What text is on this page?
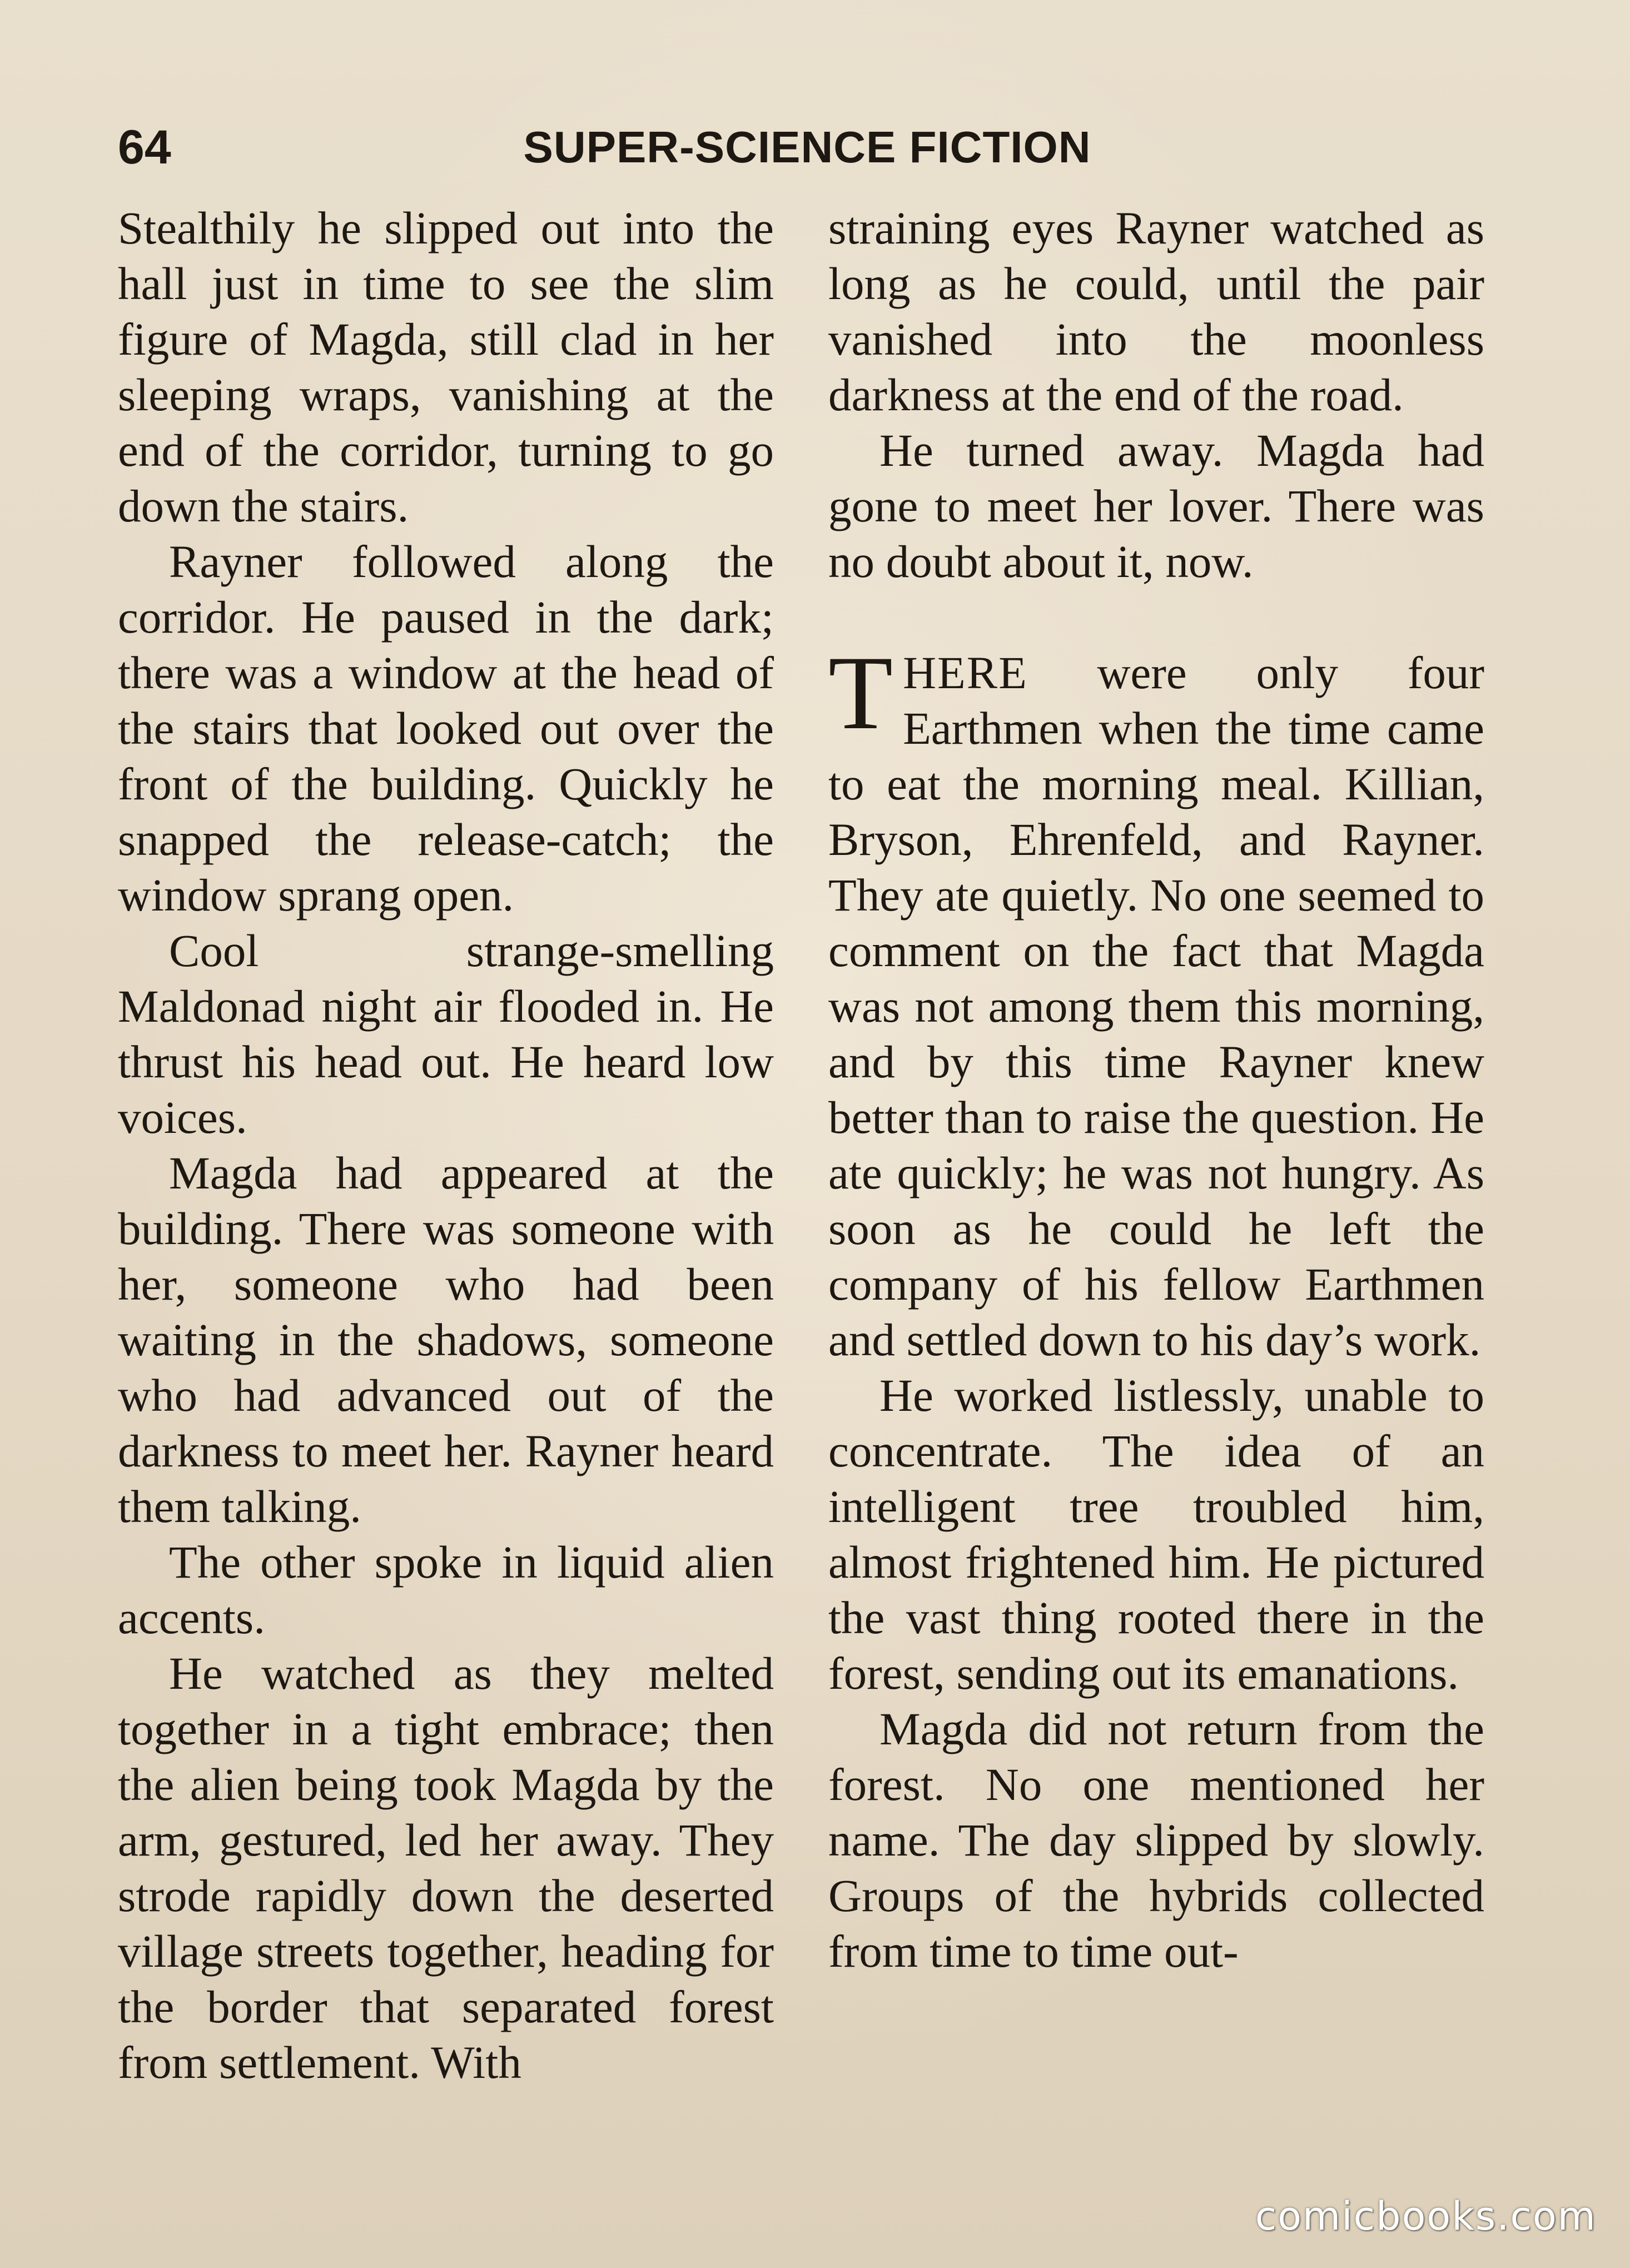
64	SUPER-SCIENCE FICTION

Stealthily he slipped out into the hall just in time to see the slim figure of Magda, still clad in her sleeping wraps, vanishing at the end of the corridor, turning to go down the stairs.

Rayner followed along the corridor. He paused in the dark; there was a window at the head of the stairs that looked out over the front of the building. Quickly he snapped the release-catch; the window sprang open.

Cool strange-smelling Maldonad night air flooded in. He thrust his head out. He heard low voices.

Magda had appeared at the building. There was someone with her, someone who had been waiting in the shadows, someone who had advanced out of the darkness to meet her. Rayner heard them talking.

The other spoke in liquid alien accents.

He watched as they melted together in a tight embrace; then the alien being took Magda by the arm, gestured, led her away. They strode rapidly down the deserted village streets together, heading for the border that separated forest from settlement. With

straining eyes Rayner watched as long as he could, until the pair vanished into the moonless darkness at the end of the road.

He turned away. Magda had gone to meet her lover. There was no doubt about it, now.

THERE were only four Earthmen when the time came to eat the morning meal. Killian, Bryson, Ehrenfeld, and Rayner. They ate quietly. No one seemed to comment on the fact that Magda was not among them this morning, and by this time Rayner knew better than to raise the question. He ate quickly; he was not hungry. As soon as he could he left the company of his fellow Earthmen and settled down to his day’s work.

He worked listlessly, unable to concentrate. The idea of an intelligent tree troubled him, almost frightened him. He pictured the vast thing rooted there in the forest, sending out its emanations.

Magda did not return from the forest. No one mentioned her name. The day slipped by slowly. Groups of the hybrids collected from time to time out-

comicbooks.com
